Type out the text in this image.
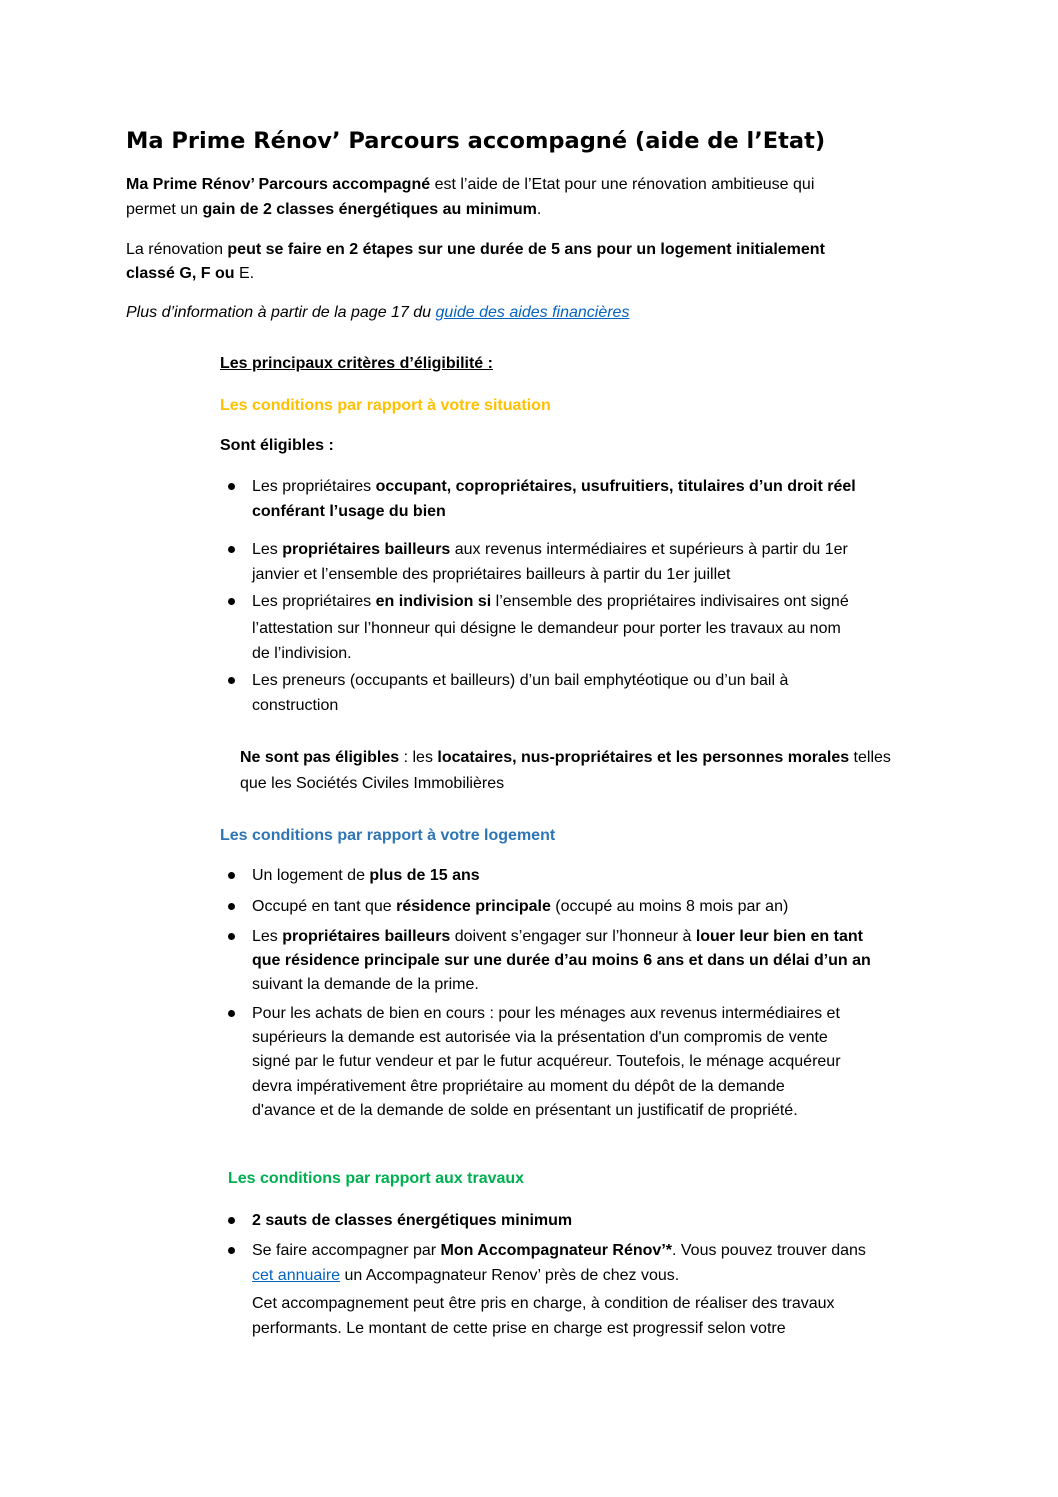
Ma Prime Rénov’ Parcours accompagné (aide de l’Etat)
Ma Prime Rénov’ Parcours accompagné est l’aide de l’Etat pour une rénovation ambitieuse qui
permet un gain de 2 classes énergétiques au minimum.
La rénovation peut se faire en 2 étapes sur une durée de 5 ans pour un logement initialement
classé G, F ou E.
Plus d’information à partir de la page 17 du guide des aides financières
Les principaux critères d’éligibilité :
Les conditions par rapport à votre situation
Sont éligibles :
Les propriétaires occupant, copropriétaires, usufruitiers, titulaires d’un droit réel
conférant l’usage du bien
Les propriétaires bailleurs aux revenus intermédiaires et supérieurs à partir du 1er
janvier et l’ensemble des propriétaires bailleurs à partir du 1er juillet
Les propriétaires en indivision si l’ensemble des propriétaires indivisaires ont signé
l’attestation sur l’honneur qui désigne le demandeur pour porter les travaux au nom
de l’indivision.
Les preneurs (occupants et bailleurs) d’un bail emphytéotique ou d’un bail à
construction
Ne sont pas éligibles : les locataires, nus-propriétaires et les personnes morales telles
que les Sociétés Civiles Immobilières
Les conditions par rapport à votre logement
Un logement de plus de 15 ans
Occupé en tant que résidence principale (occupé au moins 8 mois par an)
Les propriétaires bailleurs doivent s’engager sur l’honneur à louer leur bien en tant
que résidence principale sur une durée d’au moins 6 ans et dans un délai d’un an
suivant la demande de la prime.
Pour les achats de bien en cours : pour les ménages aux revenus intermédiaires et
supérieurs la demande est autorisée via la présentation d'un compromis de vente
signé par le futur vendeur et par le futur acquéreur. Toutefois, le ménage acquéreur
devra impérativement être propriétaire au moment du dépôt de la demande
d'avance et de la demande de solde en présentant un justificatif de propriété.
Les conditions par rapport aux travaux
2 sauts de classes énergétiques minimum
Se faire accompagner par Mon Accompagnateur Rénov’*. Vous pouvez trouver dans
cet annuaire un Accompagnateur Renov’ près de chez vous.
Cet accompagnement peut être pris en charge, à condition de réaliser des travaux
performants. Le montant de cette prise en charge est progressif selon votre
